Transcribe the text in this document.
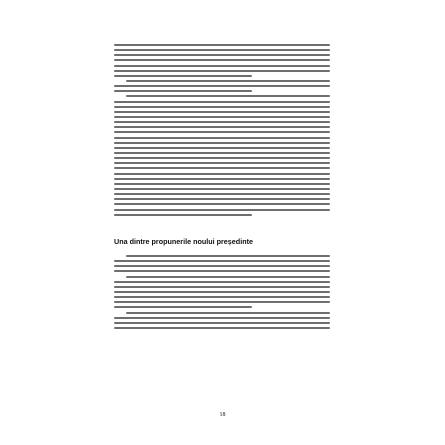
Una dintre propunerile noului președinte
18
